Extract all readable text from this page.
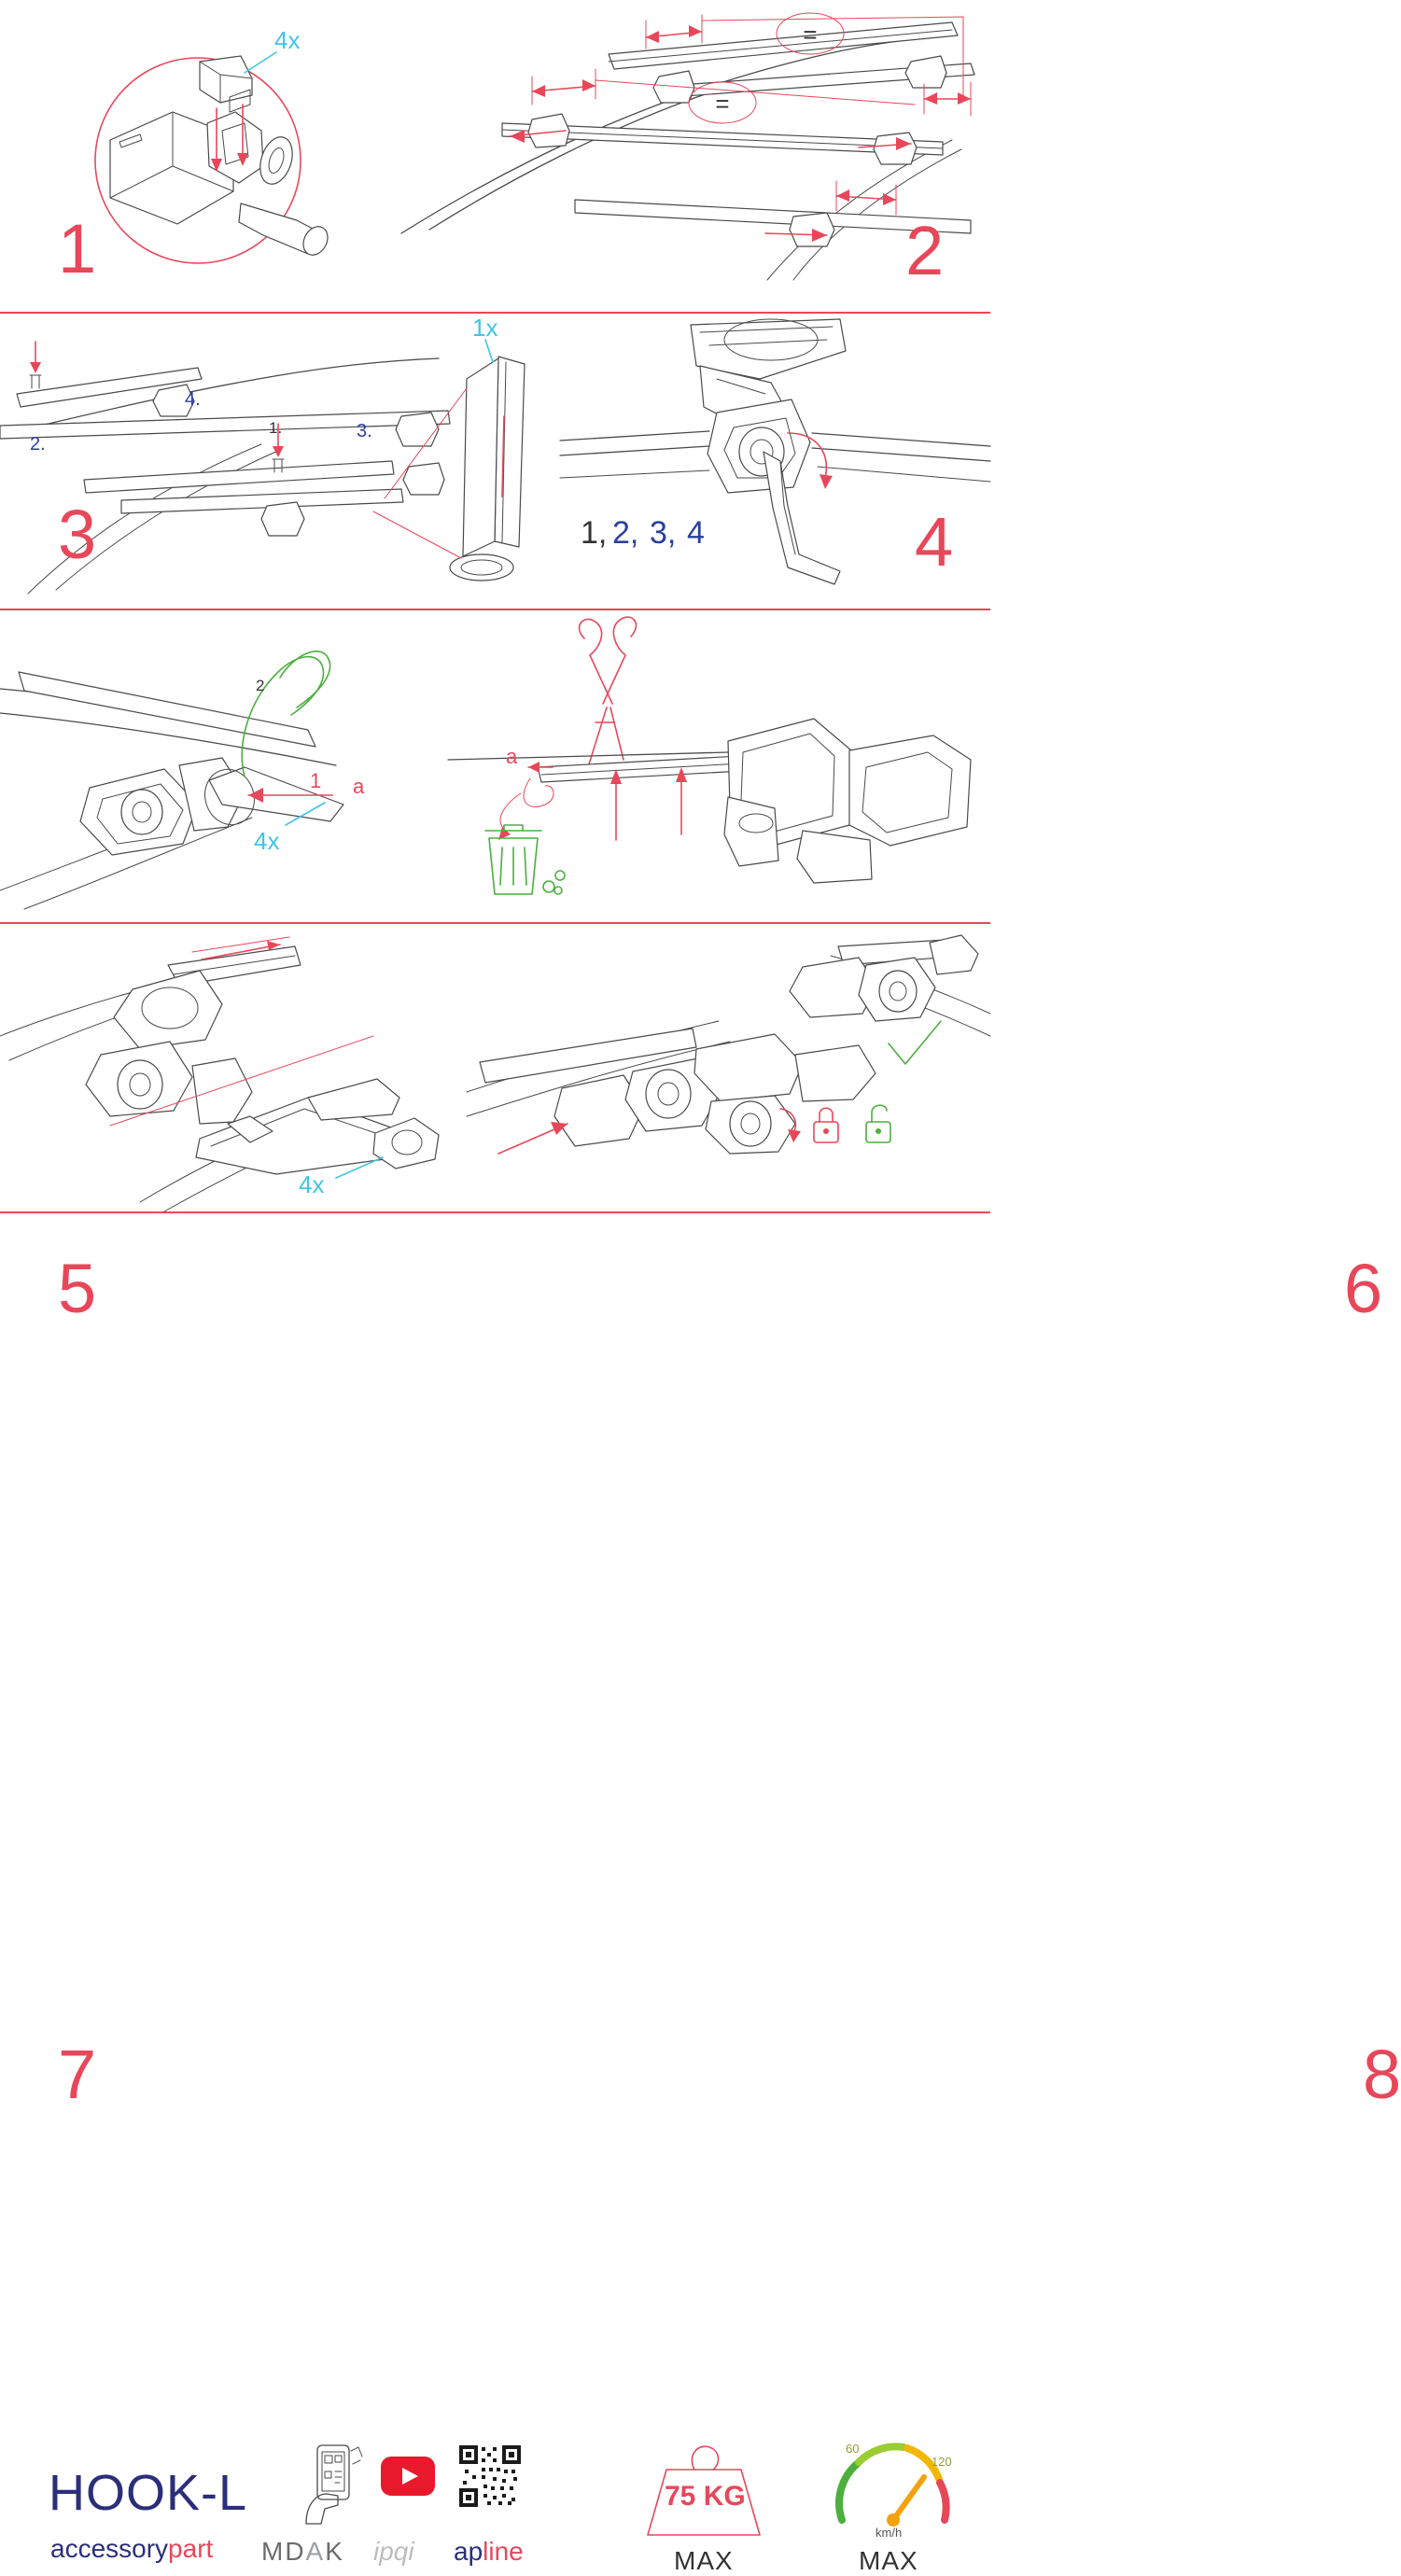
4x
1
=
=
2
4.
2.
1.	3.
1x
3	1, 2, 3, 4	4
1 a
2
4x
5
a
6
4x
7	8
HOOK-L
accessorypart MDAK ipqi apline
75 KG
MAX
60
120
km/h
MAX
